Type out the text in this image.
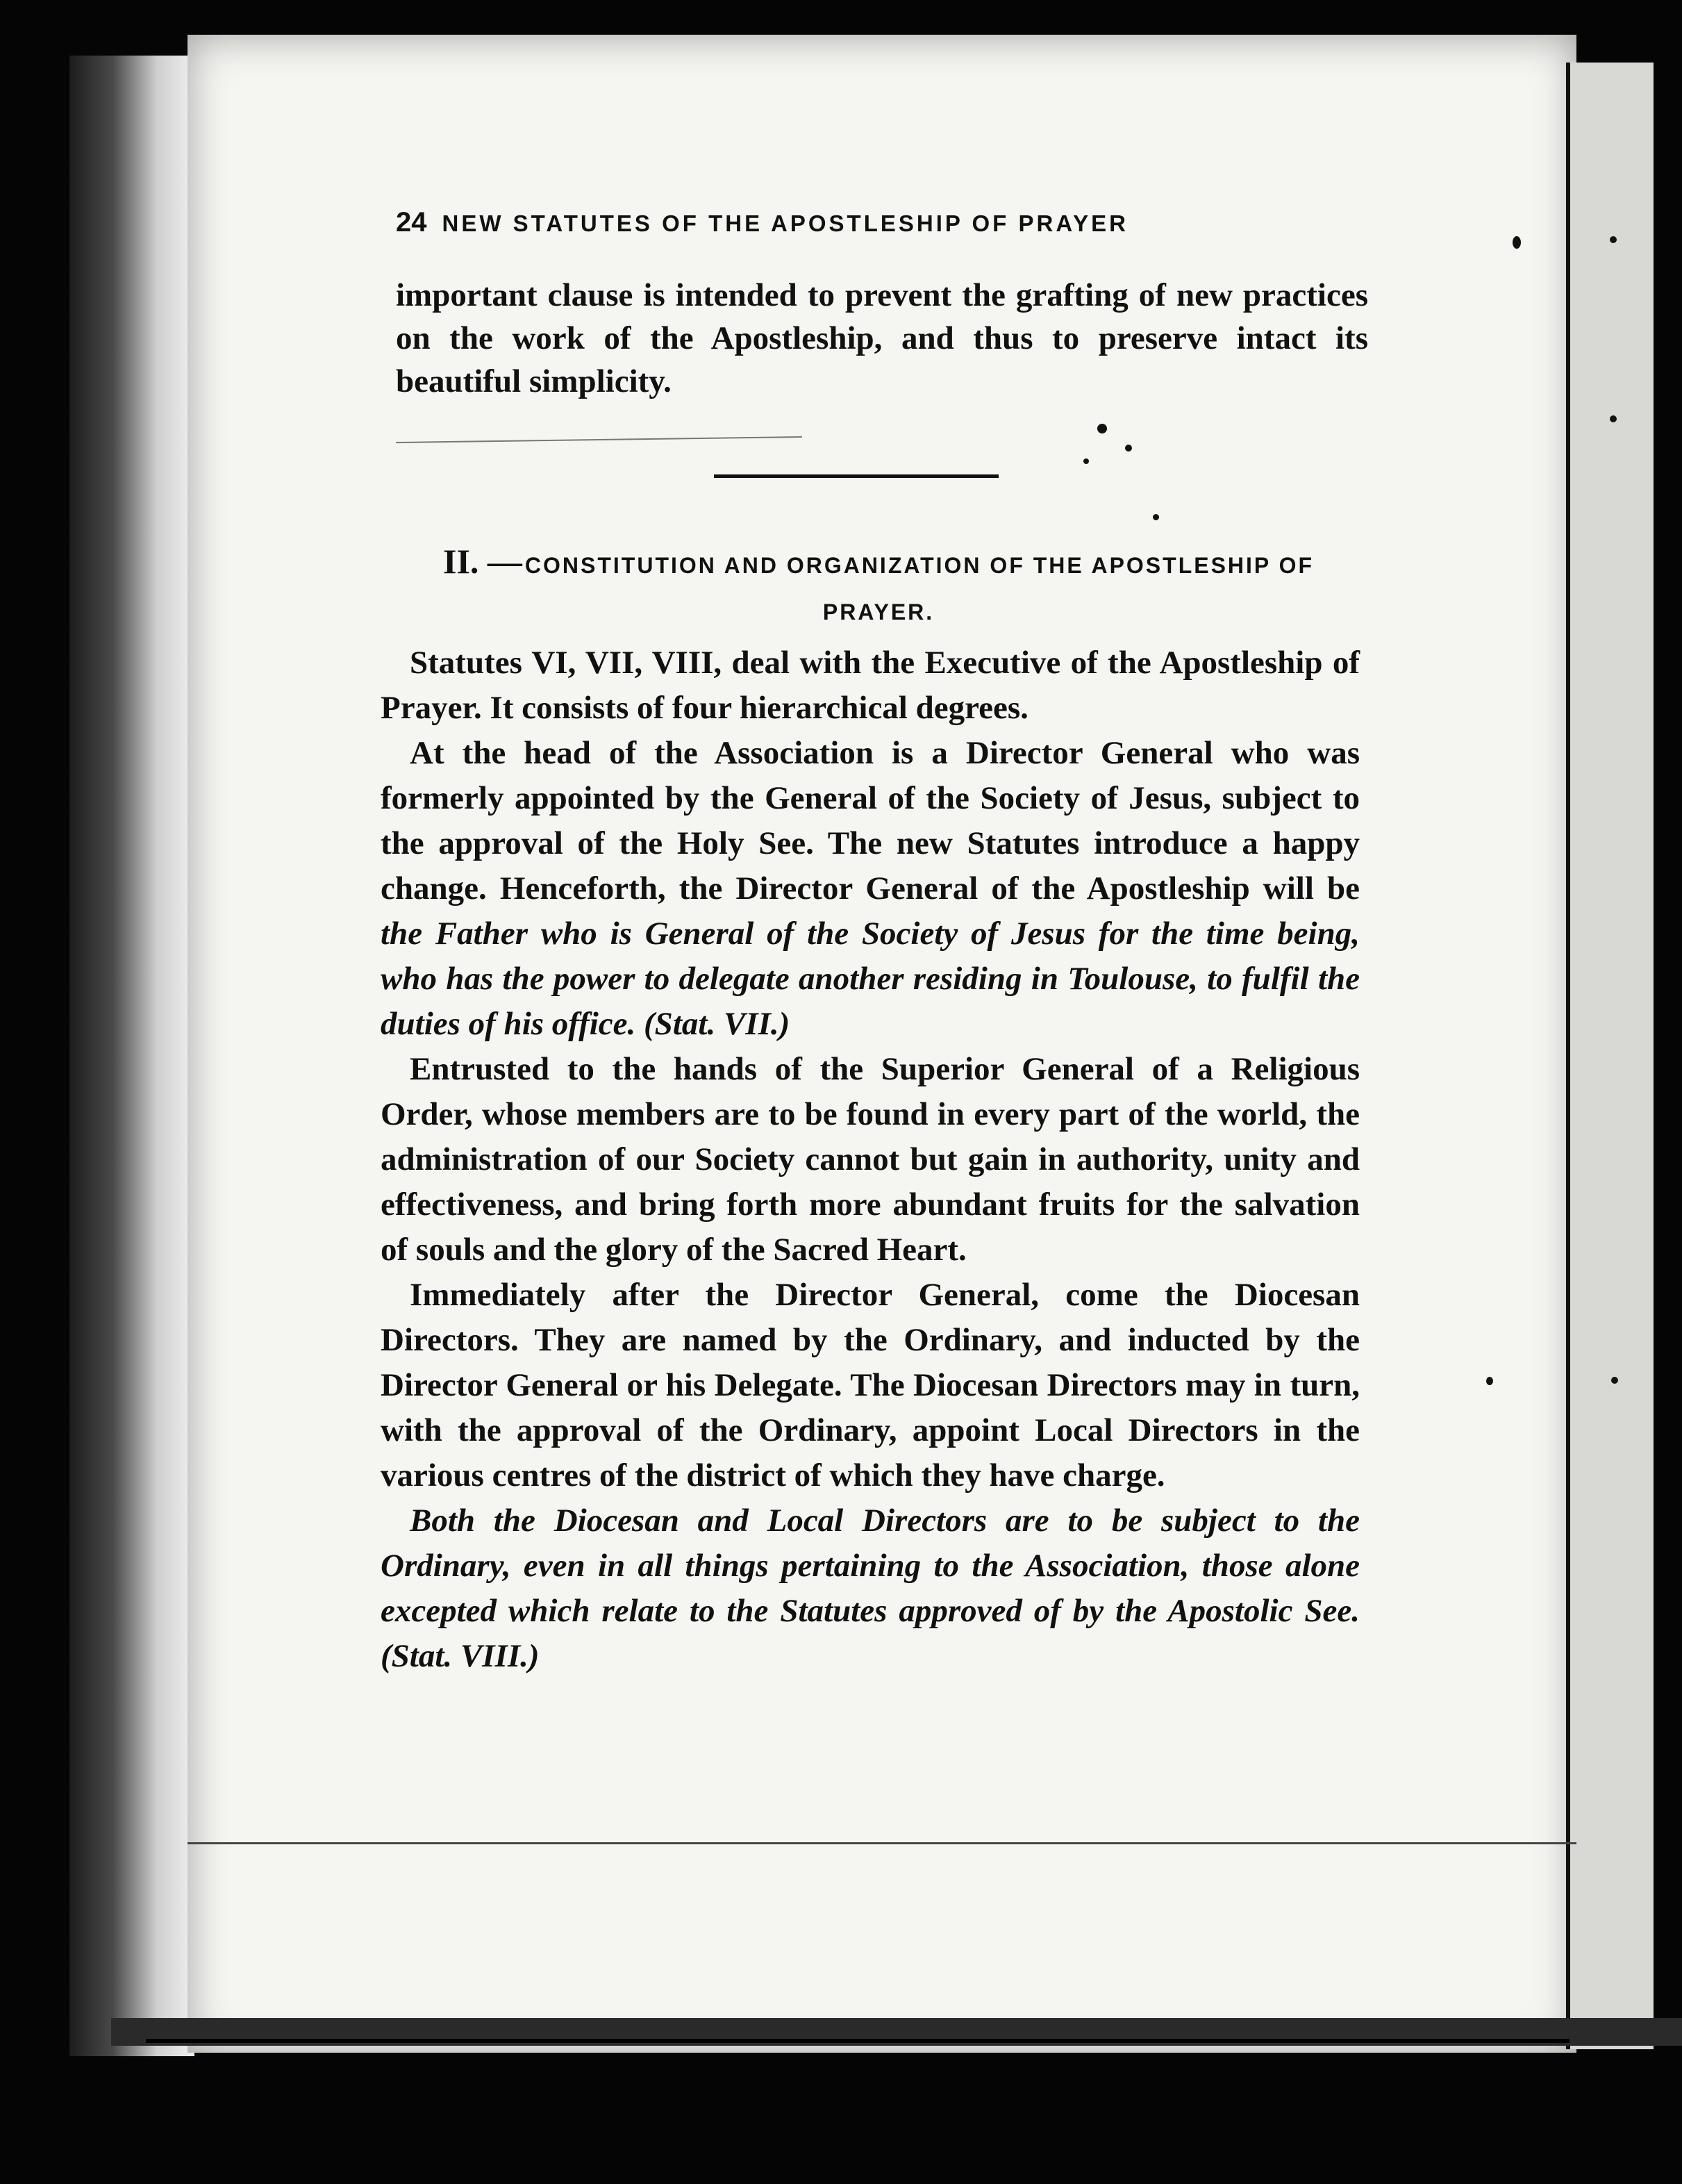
24 NEW STATUTES OF THE APOSTLESHIP OF PRAYER

important clause is intended to prevent the grafting of new practices on the work of the Apostleship, and thus to preserve intact its beautiful simplicity.

II. — CONSTITUTION AND ORGANIZATION OF THE APOSTLESHIP OF PRAYER.

Statutes VI, VII, VIII, deal with the Executive of the Apostleship of Prayer. It consists of four hierarchical degrees.

At the head of the Association is a Director General who was formerly appointed by the General of the Society of Jesus, subject to the approval of the Holy See. The new Statutes introduce a happy change. Henceforth, the Director General of the Apostleship will be the Father who is General of the Society of Jesus for the time being, who has the power to delegate another residing in Toulouse, to fulfil the duties of his office. (Stat. VII.)

Entrusted to the hands of the Superior General of a Religious Order, whose members are to be found in every part of the world, the administration of our Society cannot but gain in authority, unity and effectiveness, and bring forth more abundant fruits for the salvation of souls and the glory of the Sacred Heart.

Immediately after the Director General, come the Diocesan Directors. They are named by the Ordinary, and inducted by the Director General or his Delegate. The Diocesan Directors may in turn, with the approval of the Ordinary, appoint Local Directors in the various centres of the district of which they have charge.

Both the Diocesan and Local Directors are to be subject to the Ordinary, even in all things pertaining to the Association, those alone excepted which relate to the Statutes approved of by the Apostolic See. (Stat. VIII.)
